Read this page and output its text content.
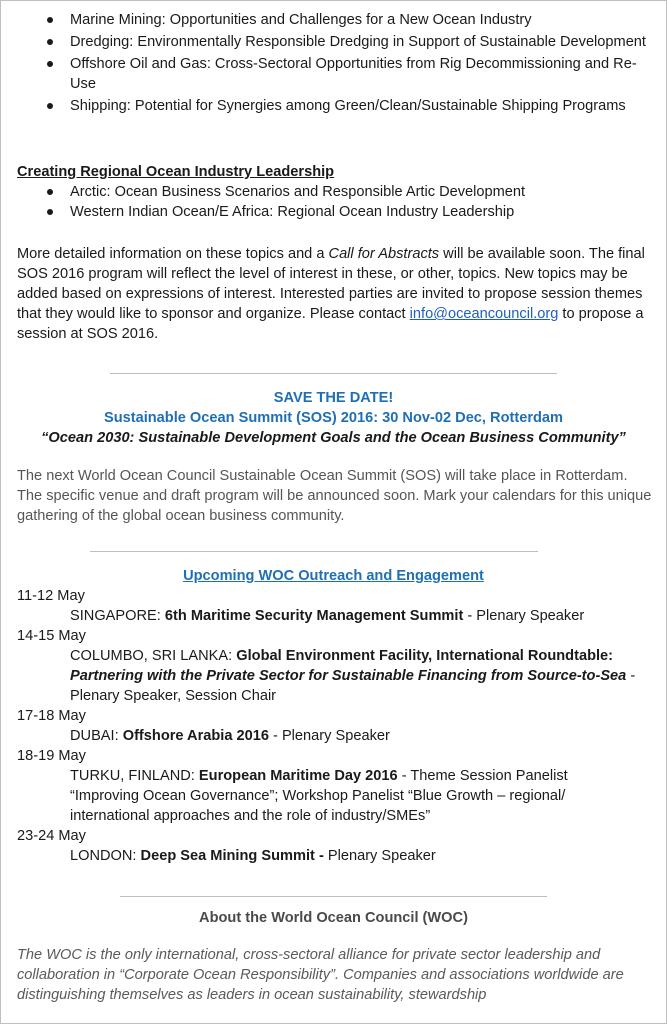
Marine Mining: Opportunities and Challenges for a New Ocean Industry
Dredging: Environmentally Responsible Dredging in Support of Sustainable Development
Offshore Oil and Gas: Cross-Sectoral Opportunities from Rig Decommissioning and Re-Use
Shipping: Potential for Synergies among Green/Clean/Sustainable Shipping Programs
Creating Regional Ocean Industry Leadership
Arctic: Ocean Business Scenarios and Responsible Artic Development
Western Indian Ocean/E Africa: Regional Ocean Industry Leadership
More detailed information on these topics and a Call for Abstracts will be available soon. The final SOS 2016 program will reflect the level of interest in these, or other, topics. New topics may be added based on expressions of interest. Interested parties are invited to propose session themes that they would like to sponsor and organize. Please contact info@oceancouncil.org to propose a session at SOS 2016.
SAVE THE DATE!
Sustainable Ocean Summit (SOS) 2016: 30 Nov-02 Dec, Rotterdam
“Ocean 2030: Sustainable Development Goals and the Ocean Business Community”
The next World Ocean Council Sustainable Ocean Summit (SOS) will take place in Rotterdam. The specific venue and draft program will be announced soon. Mark your calendars for this unique gathering of the global ocean business community.
Upcoming WOC Outreach and Engagement
11-12 May
SINGAPORE: 6th Maritime Security Management Summit - Plenary Speaker
14-15 May
COLUMBO, SRI LANKA: Global Environment Facility, International Roundtable: Partnering with the Private Sector for Sustainable Financing from Source-to-Sea - Plenary Speaker, Session Chair
17-18 May
DUBAI: Offshore Arabia 2016 - Plenary Speaker
18-19 May
TURKU, FINLAND: European Maritime Day 2016 - Theme Session Panelist “Improving Ocean Governance”; Workshop Panelist “Blue Growth – regional/ international approaches and the role of industry/SMEs”
23-24 May
LONDON: Deep Sea Mining Summit - Plenary Speaker
About the World Ocean Council (WOC)
The WOC is the only international, cross-sectoral alliance for private sector leadership and collaboration in “Corporate Ocean Responsibility”. Companies and associations worldwide are distinguishing themselves as leaders in ocean sustainability, stewardship
